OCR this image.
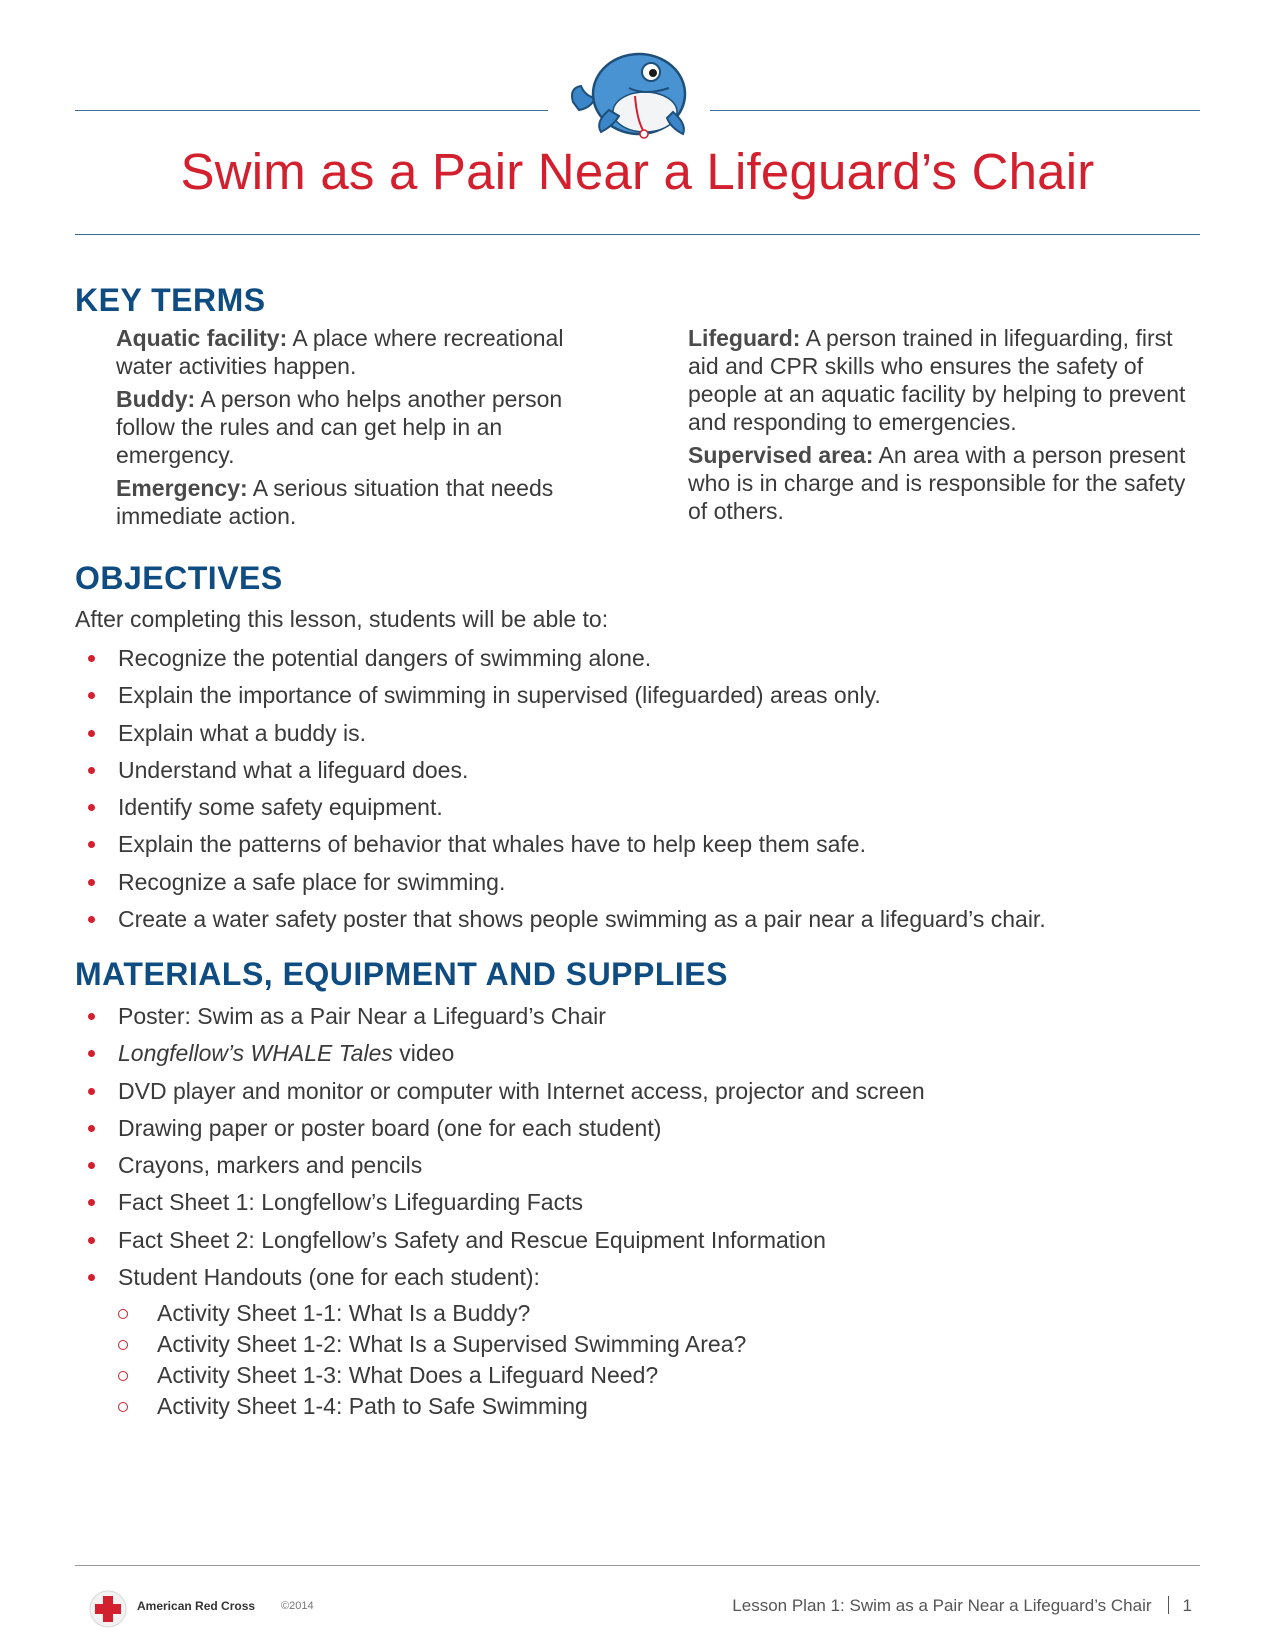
Swim as a Pair Near a Lifeguard’s Chair
KEY TERMS

Aquatic facility: A place where recreational water activities happen.

Buddy: A person who helps another person follow the rules and can get help in an emergency.

Emergency: A serious situation that needs immediate action.

Lifeguard: A person trained in lifeguarding, first aid and CPR skills who ensures the safety of people at an aquatic facility by helping to prevent and responding to emergencies.

Supervised area: An area with a person present who is in charge and is responsible for the safety of others.

OBJECTIVES
After completing this lesson, students will be able to:
Recognize the potential dangers of swimming alone.
Explain the importance of swimming in supervised (lifeguarded) areas only.
Explain what a buddy is.
Understand what a lifeguard does.
Identify some safety equipment.
Explain the patterns of behavior that whales have to help keep them safe.
Recognize a safe place for swimming.
Create a water safety poster that shows people swimming as a pair near a lifeguard’s chair.
MATERIALS, EQUIPMENT AND SUPPLIES
Poster: Swim as a Pair Near a Lifeguard’s Chair
Longfellow’s WHALE Tales video
DVD player and monitor or computer with Internet access, projector and screen
Drawing paper or poster board (one for each student)
Crayons, markers and pencils
Fact Sheet 1: Longfellow’s Lifeguarding Facts
Fact Sheet 2: Longfellow’s Safety and Rescue Equipment Information
Student Handouts (one for each student):
Activity Sheet 1-1: What Is a Buddy?
Activity Sheet 1-2: What Is a Supervised Swimming Area?
Activity Sheet 1-3: What Does a Lifeguard Need?
Activity Sheet 1-4: Path to Safe Swimming
American Red Cross ©2014	Lesson Plan 1: Swim as a Pair Near a Lifeguard’s Chair 1
